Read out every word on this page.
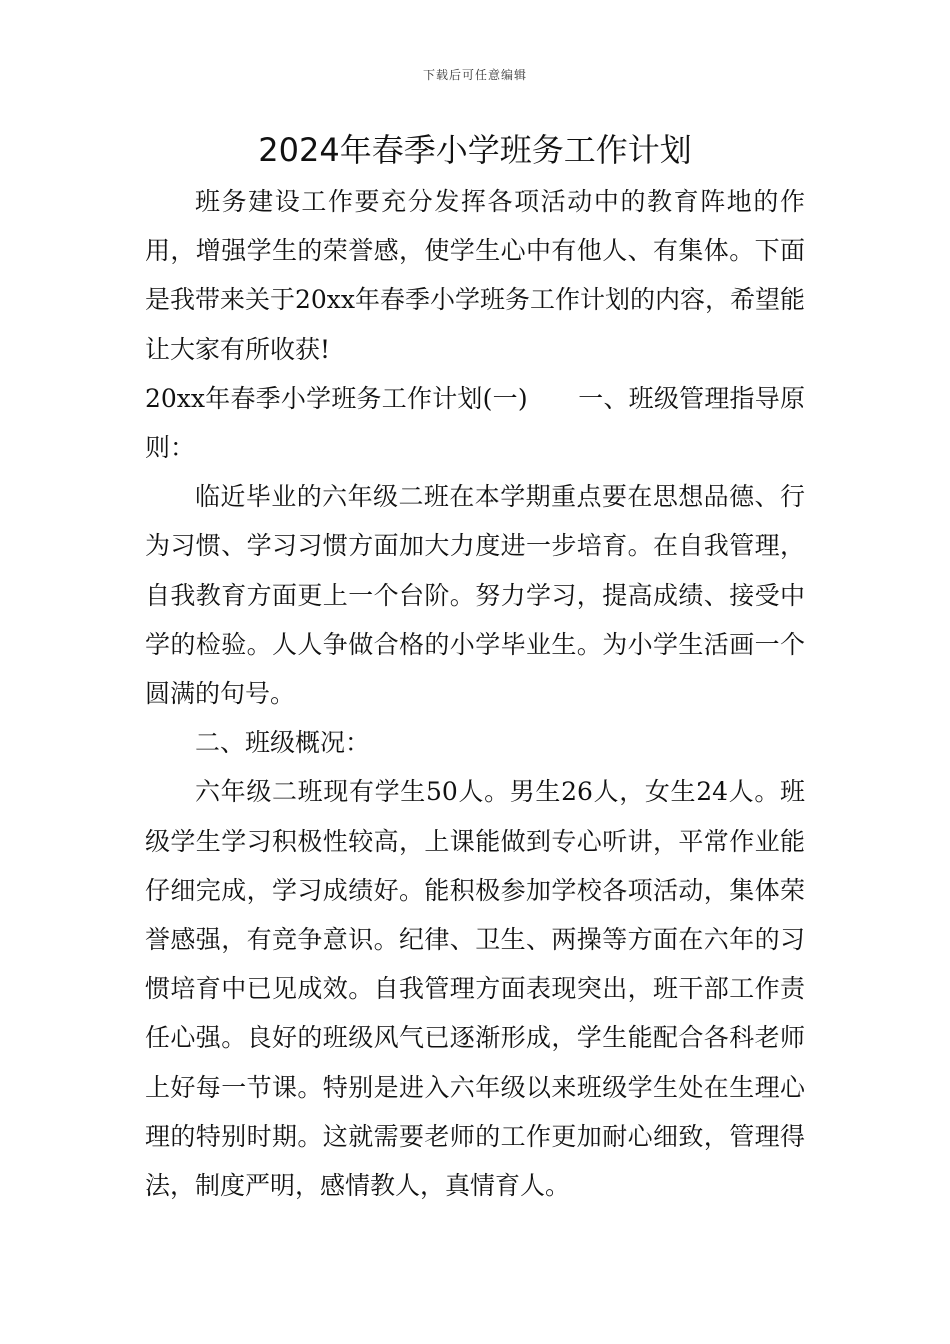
下载后可任意编辑
2024年春季小学班务工作计划

班务建设工作要充分发挥各项活动中的教育阵地的作用，增强学生的荣誉感，使学生心中有他人、有集体。下面是我带来关于20xx年春季小学班务工作计划的内容，希望能让大家有所收获!

20xx年春季小学班务工作计划(一)　　一、班级管理指导原则：

临近毕业的六年级二班在本学期重点要在思想品德、行为习惯、学习习惯方面加大力度进一步培育。在自我管理，自我教育方面更上一个台阶。努力学习，提高成绩、接受中学的检验。人人争做合格的小学毕业生。为小学生活画一个圆满的句号。

二、班级概况：

六年级二班现有学生50人。男生26人，女生24人。班级学生学习积极性较高，上课能做到专心听讲，平常作业能仔细完成，学习成绩好。能积极参加学校各项活动，集体荣誉感强，有竞争意识。纪律、卫生、两操等方面在六年的习惯培育中已见成效。自我管理方面表现突出，班干部工作责任心强。良好的班级风气已逐渐形成，学生能配合各科老师上好每一节课。特别是进入六年级以来班级学生处在生理心理的特别时期。这就需要老师的工作更加耐心细致，管理得法，制度严明，感情教人，真情育人。
